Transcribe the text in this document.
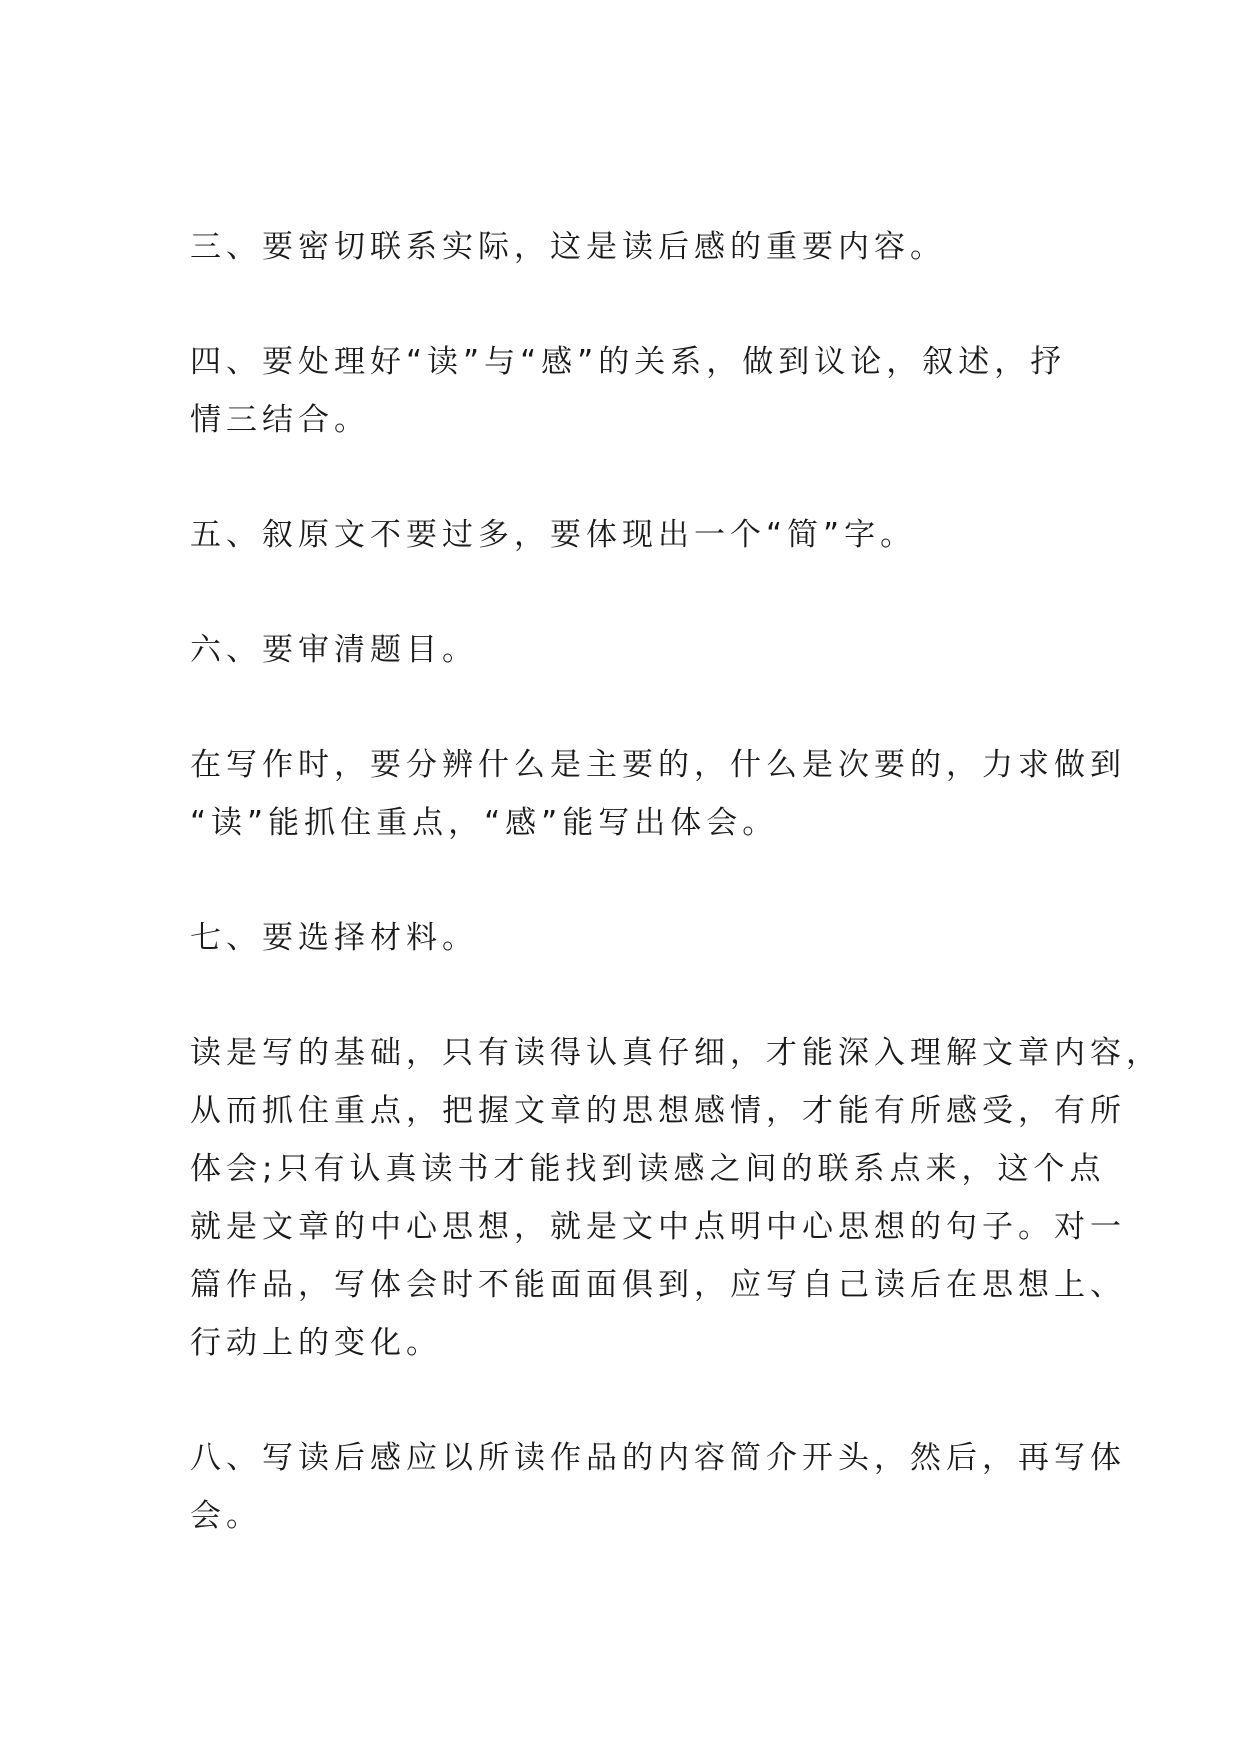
三、要密切联系实际，这是读后感的重要内容。

四、要处理好“读”与“感”的关系，做到议论，叙述，抒
情三结合。

五、叙原文不要过多，要体现出一个“简”字。

六、要审清题目。

在写作时，要分辨什么是主要的，什么是次要的，力求做到
“读”能抓住重点，“感”能写出体会。

七、要选择材料。

读是写的基础，只有读得认真仔细，才能深入理解文章内容，
从而抓住重点，把握文章的思想感情，才能有所感受，有所
体会;只有认真读书才能找到读感之间的联系点来，这个点
就是文章的中心思想，就是文中点明中心思想的句子。对一
篇作品，写体会时不能面面俱到，应写自己读后在思想上、
行动上的变化。

八、写读后感应以所读作品的内容简介开头，然后，再写体
会。
